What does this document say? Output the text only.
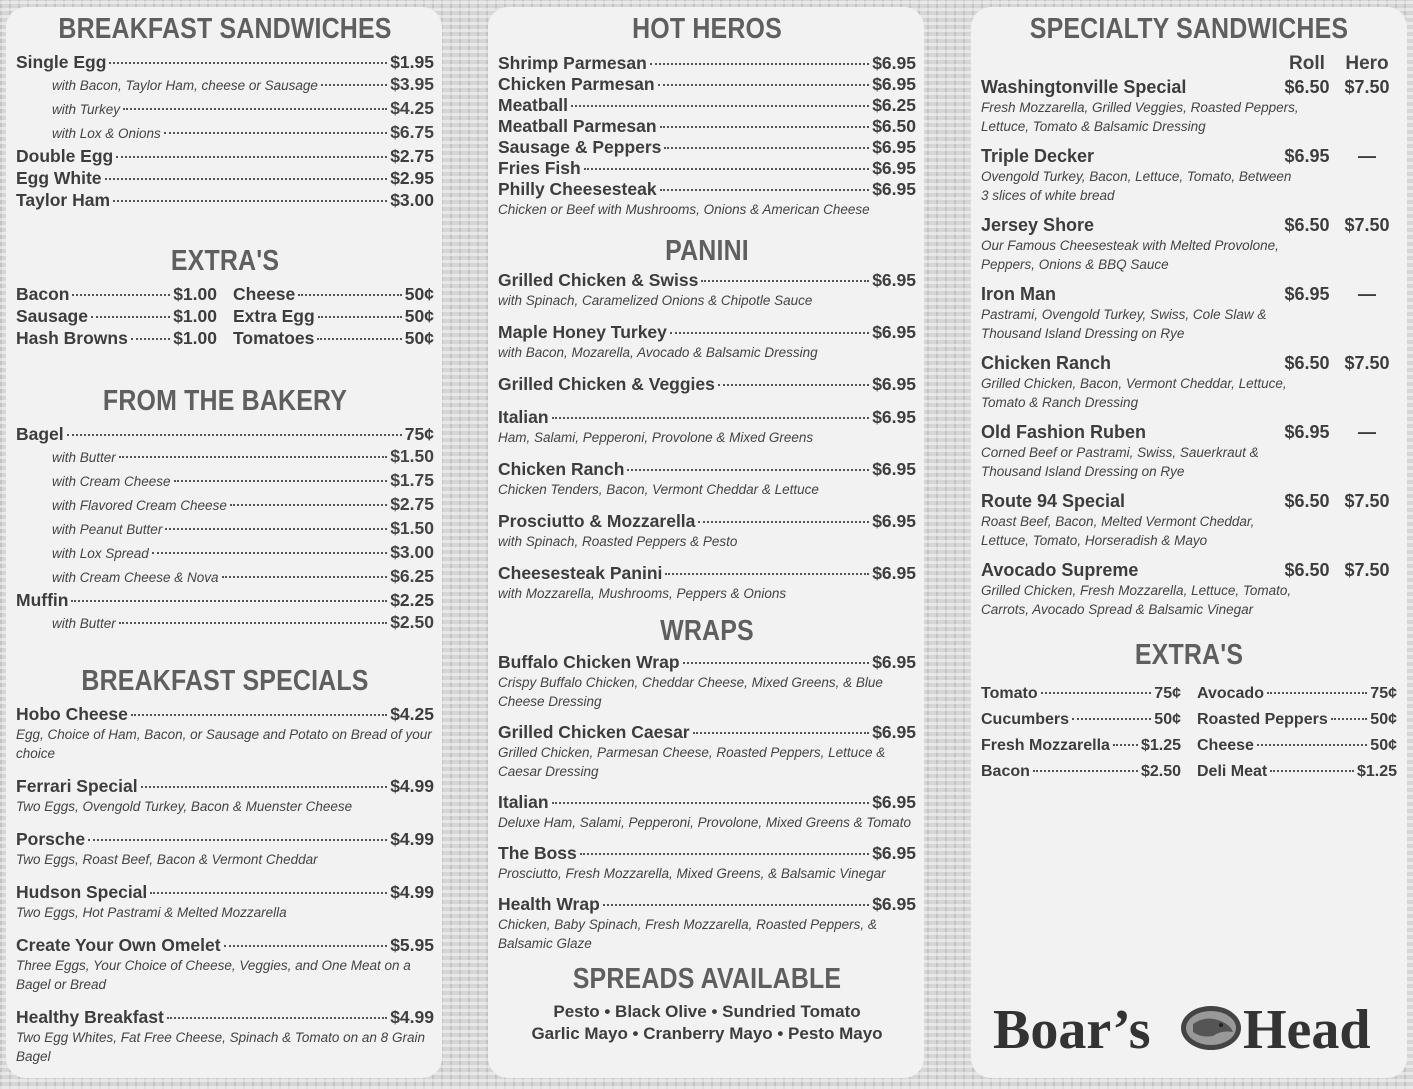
BREAKFAST SANDWICHES
Single Egg	$1.95
with Bacon, Taylor Ham, cheese or Sausage	$3.95
with Turkey	$4.25
with Lox & Onions	$6.75
Double Egg	$2.75
Egg White	$2.95
Taylor Ham	$3.00
EXTRA'S
Bacon	$1.00
Sausage	$1.00
Hash Browns	$1.00
Cheese	50¢
Extra Egg	50¢
Tomatoes	50¢
FROM THE BAKERY
Bagel	75¢
with Butter	$1.50
with Cream Cheese	$1.75
with Flavored Cream Cheese	$2.75
with Peanut Butter	$1.50
with Lox Spread	$3.00
with Cream Cheese & Nova	$6.25
Muffin	$2.25
with Butter	$2.50
BREAKFAST SPECIALS
Hobo Cheese	$4.25
Egg, Choice of Ham, Bacon, or Sausage and Potato on Bread of your choice
Ferrari Special	$4.99
Two Eggs, Ovengold Turkey, Bacon & Muenster Cheese
Porsche	$4.99
Two Eggs, Roast Beef, Bacon & Vermont Cheddar
Hudson Special	$4.99
Two Eggs, Hot Pastrami & Melted Mozzarella
Create Your Own Omelet	$5.95
Three Eggs, Your Choice of Cheese, Veggies, and One Meat on a Bagel or Bread
Healthy Breakfast	$4.99
Two Egg Whites, Fat Free Cheese, Spinach & Tomato on an 8 Grain Bagel
HOT HEROS
Shrimp Parmesan	$6.95
Chicken Parmesan	$6.95
Meatball	$6.25
Meatball Parmesan	$6.50
Sausage & Peppers	$6.95
Fries Fish	$6.95
Philly Cheesesteak	$6.95
Chicken or Beef with Mushrooms, Onions & American Cheese
PANINI
Grilled Chicken & Swiss	$6.95
with Spinach, Caramelized Onions & Chipotle Sauce
Maple Honey Turkey	$6.95
with Bacon, Mozarella, Avocado & Balsamic Dressing
Grilled Chicken & Veggies	$6.95
Italian	$6.95
Ham, Salami, Pepperoni, Provolone & Mixed Greens
Chicken Ranch	$6.95
Chicken Tenders, Bacon, Vermont Cheddar & Lettuce
Prosciutto & Mozzarella	$6.95
with Spinach, Roasted Peppers & Pesto
Cheesesteak Panini	$6.95
with Mozzarella, Mushrooms, Peppers & Onions
WRAPS
Buffalo Chicken Wrap	$6.95
Crispy Buffalo Chicken, Cheddar Cheese, Mixed Greens, & Blue Cheese Dressing
Grilled Chicken Caesar	$6.95
Grilled Chicken, Parmesan Cheese, Roasted Peppers, Lettuce & Caesar Dressing
Italian	$6.95
Deluxe Ham, Salami, Pepperoni, Provolone, Mixed Greens & Tomato
The Boss	$6.95
Prosciutto, Fresh Mozzarella, Mixed Greens, & Balsamic Vinegar
Health Wrap	$6.95
Chicken, Baby Spinach, Fresh Mozzarella, Roasted Peppers, & Balsamic Glaze
SPREADS AVAILABLE
Pesto • Black Olive • Sundried Tomato
Garlic Mayo • Cranberry Mayo • Pesto Mayo
SPECIALTY SANDWICHES
Roll	Hero
Washingtonville Special	$6.50 $7.50
Fresh Mozzarella, Grilled Veggies, Roasted Peppers, Lettuce, Tomato & Balsamic Dressing
Triple Decker	$6.95	—
Ovengold Turkey, Bacon, Lettuce, Tomato, Between 3 slices of white bread
Jersey Shore	$6.50 $7.50
Our Famous Cheesesteak with Melted Provolone, Peppers, Onions & BBQ Sauce
Iron Man	$6.95	—
Pastrami, Ovengold Turkey, Swiss, Cole Slaw & Thousand Island Dressing on Rye
Chicken Ranch	$6.50 $7.50
Grilled Chicken, Bacon, Vermont Cheddar, Lettuce, Tomato & Ranch Dressing
Old Fashion Ruben	$6.95	—
Corned Beef or Pastrami, Swiss, Sauerkraut & Thousand Island Dressing on Rye
Route 94 Special	$6.50 $7.50
Roast Beef, Bacon, Melted Vermont Cheddar, Lettuce, Tomato, Horseradish & Mayo
Avocado Supreme	$6.50 $7.50
Grilled Chicken, Fresh Mozzarella, Lettuce, Tomato, Carrots, Avocado Spread & Balsamic Vinegar
EXTRA'S
Tomato	75¢
Cucumbers	50¢
Fresh Mozzarella $1.25
Bacon	$2.50
Avocado	75¢
Roasted Peppers	50¢
Cheese	50¢
Deli Meat	$1.25
Boar’s Head
